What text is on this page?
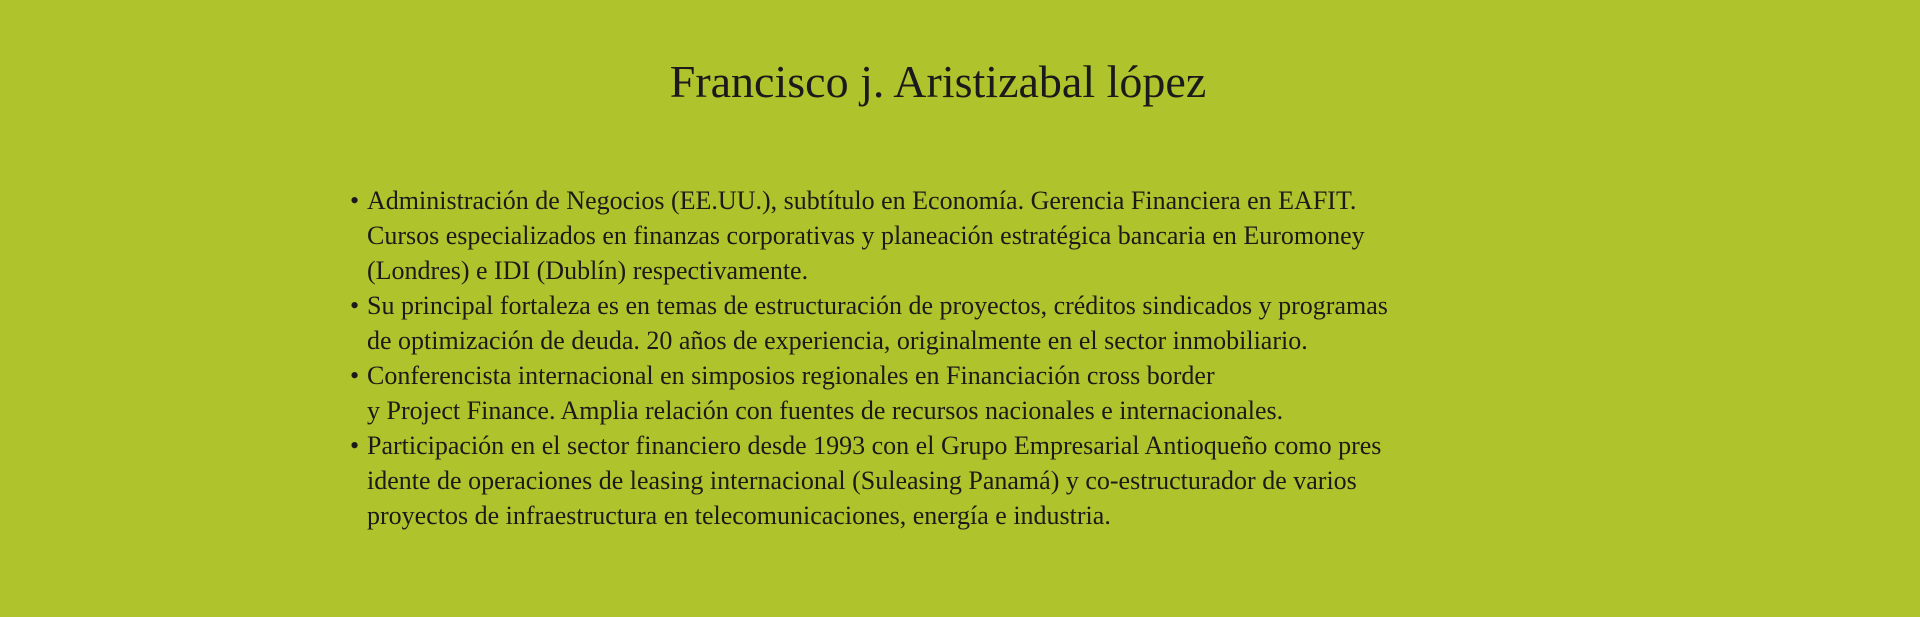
Francisco j. Aristizabal lópez
• Administración de Negocios (EE.UU.), subtítulo en Economía. Gerencia Financiera en EAFIT.
Cursos especializados en finanzas corporativas y planeación estratégica bancaria en Euromoney
(Londres) e IDI (Dublín) respectivamente.
• Su principal fortaleza es en temas de estructuración de proyectos, créditos sindicados y programas
de optimización de deuda. 20 años de experiencia, originalmente en el sector inmobiliario.
• Conferencista internacional en simposios regionales en Financiación cross border
y Project Finance. Amplia relación con fuentes de recursos nacionales e internacionales.
• Participación en el sector financiero desde 1993 con el Grupo Empresarial Antioqueño como pres
idente de operaciones de leasing internacional (Suleasing Panamá) y co-estructurador de varios
proyectos de infraestructura en telecomunicaciones, energía e industria.
